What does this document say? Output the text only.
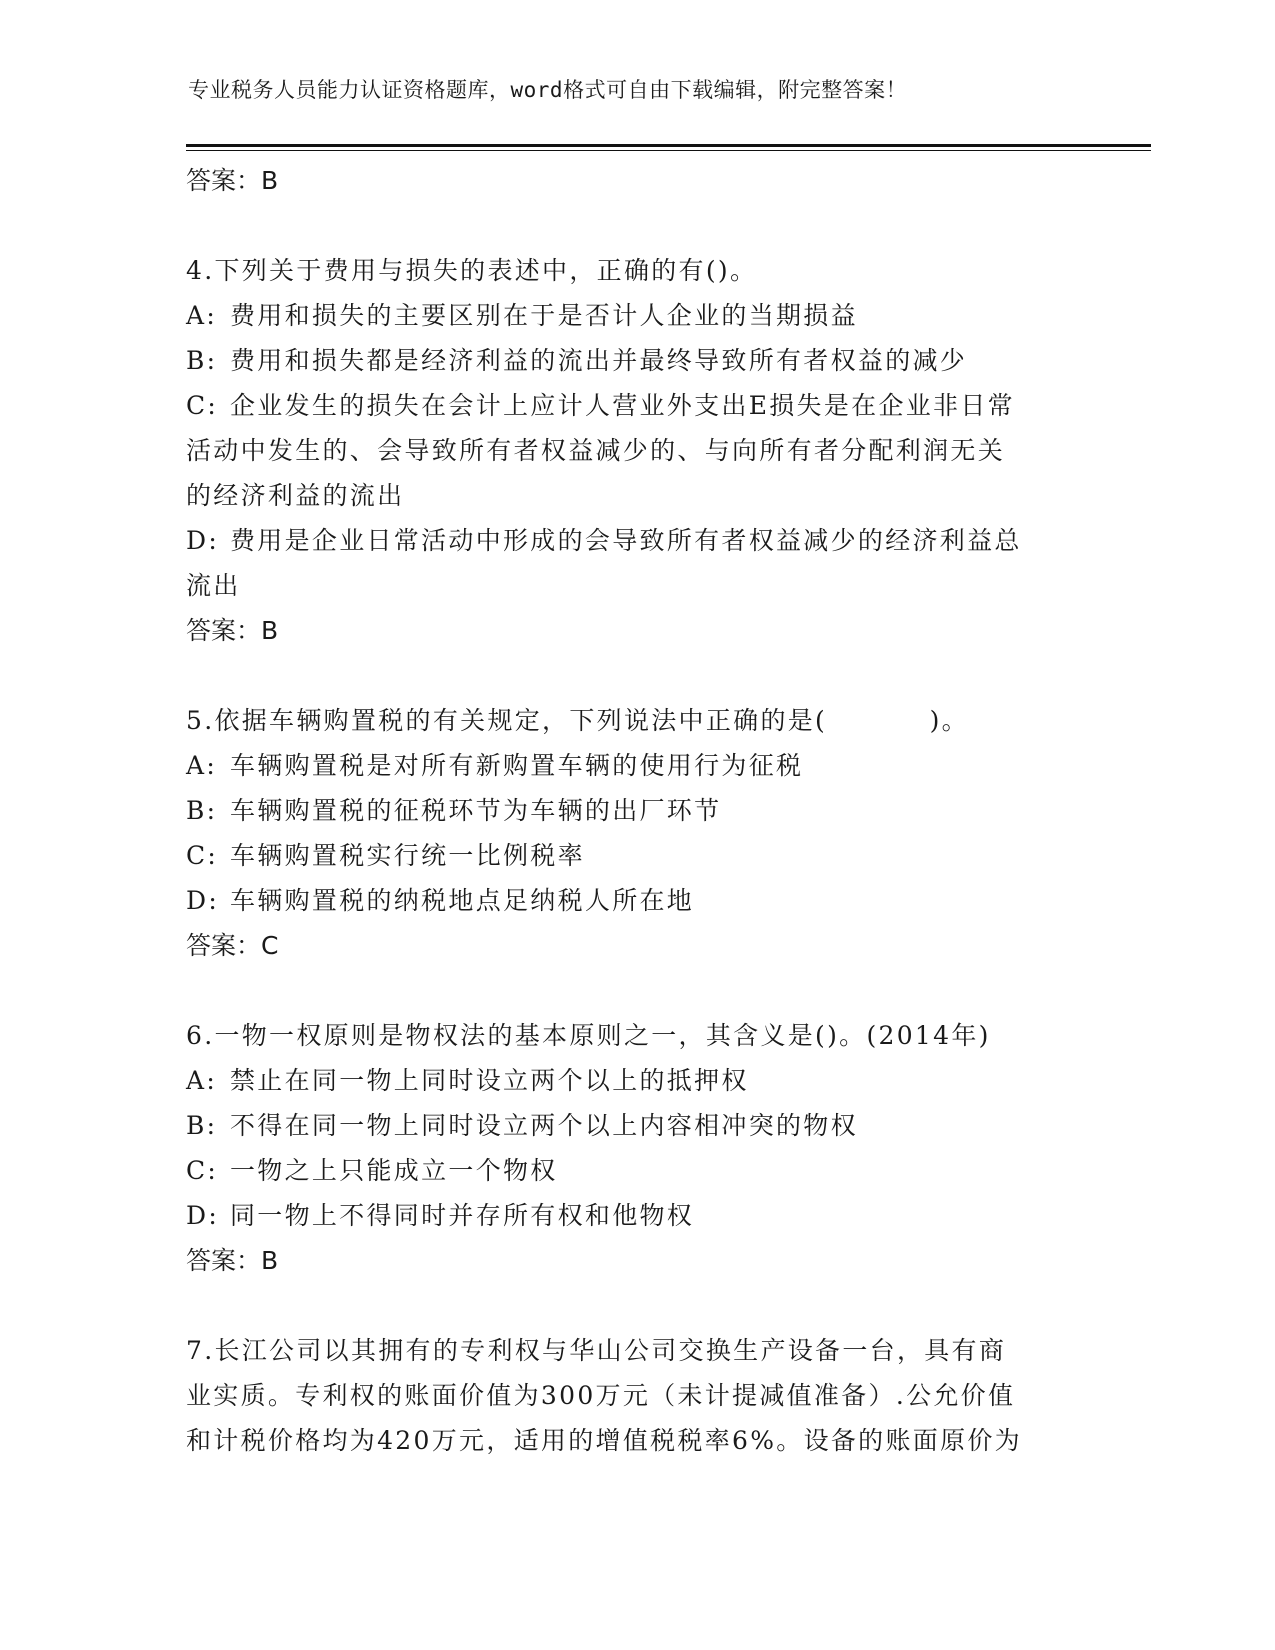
专业税务人员能力认证资格题库，word格式可自由下载编辑，附完整答案！
答案：B
4.下列关于费用与损失的表述中，正确的有()。
A: 费用和损失的主要区别在于是否计人企业的当期损益
B: 费用和损失都是经济利益的流出并最终导致所有者权益的减少
C: 企业发生的损失在会计上应计人营业外支出E损失是在企业非日常
活动中发生的、会导致所有者权益减少的、与向所有者分配利润无关
的经济利益的流出
D: 费用是企业日常活动中形成的会导致所有者权益减少的经济利益总
流出
答案：B
5.依据车辆购置税的有关规定，下列说法中正确的是(          )。
A: 车辆购置税是对所有新购置车辆的使用行为征税
B: 车辆购置税的征税环节为车辆的出厂环节
C: 车辆购置税实行统一比例税率
D: 车辆购置税的纳税地点足纳税人所在地
答案：C
6.一物一权原则是物权法的基本原则之一，其含义是()。(2014年)
A: 禁止在同一物上同时设立两个以上的抵押权
B: 不得在同一物上同时设立两个以上内容相冲突的物权
C: 一物之上只能成立一个物权
D: 同一物上不得同时并存所有权和他物权
答案：B
7.长江公司以其拥有的专利权与华山公司交换生产设备一台，具有商
业实质。专利权的账面价值为300万元（未计提减值准备）.公允价值
和计税价格均为420万元，适用的增值税税率6%。设备的账面原价为
